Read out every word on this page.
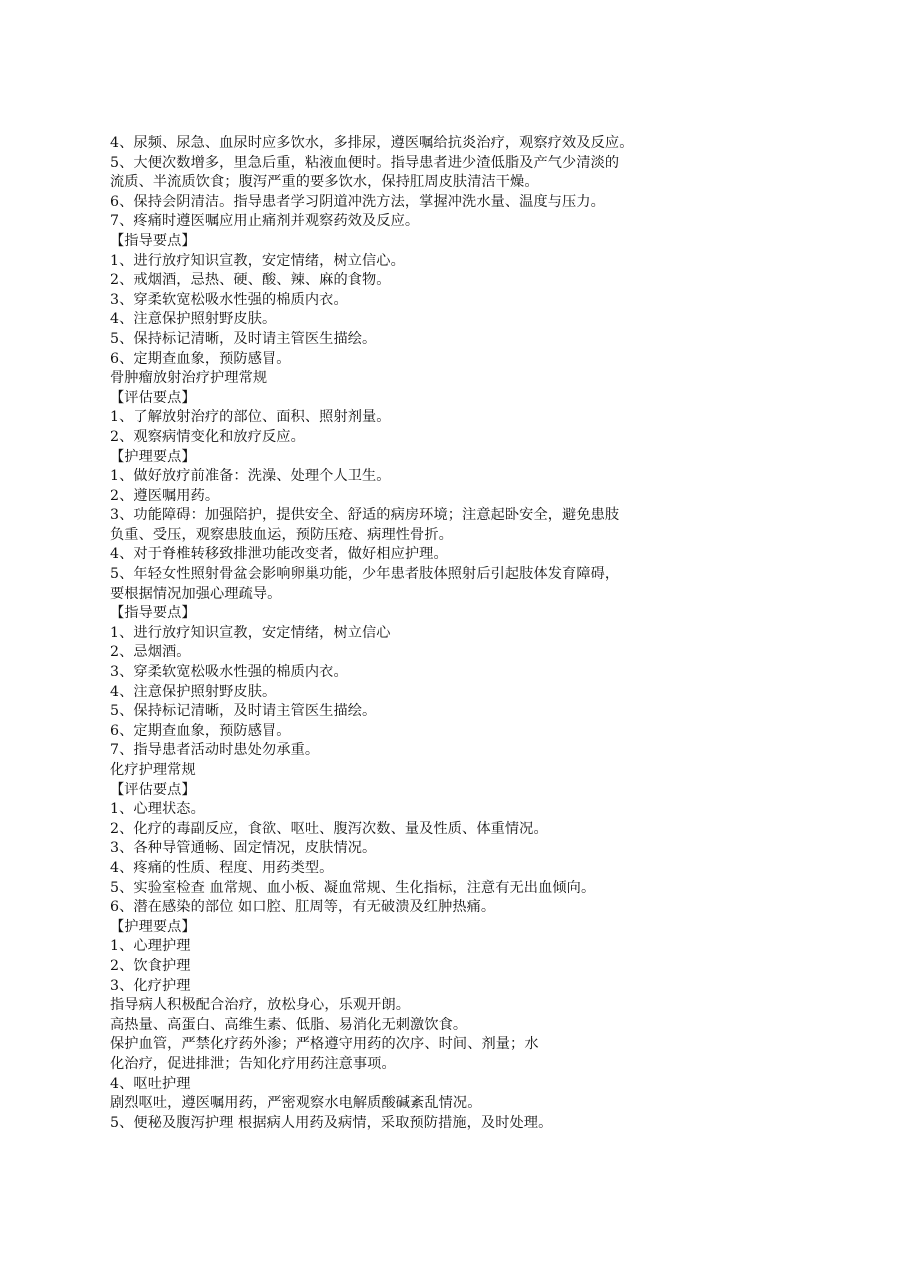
4、尿频、尿急、血尿时应多饮水，多排尿，遵医嘱给抗炎治疗，观察疗效及反应。
5、大便次数增多，里急后重，粘液血便时。指导患者进少渣低脂及产气少清淡的
流质、半流质饮食；腹泻严重的要多饮水，保持肛周皮肤清洁干燥。
6、保持会阴清洁。指导患者学习阴道冲洗方法，掌握冲洗水量、温度与压力。
7、疼痛时遵医嘱应用止痛剂并观察药效及反应。
【指导要点】
1、进行放疗知识宣教，安定情绪，树立信心。
2、戒烟酒，忌热、硬、酸、辣、麻的食物。
3、穿柔软宽松吸水性强的棉质内衣。
4、注意保护照射野皮肤。
5、保持标记清晰，及时请主管医生描绘。
6、定期查血象，预防感冒。
骨肿瘤放射治疗护理常规
【评估要点】
1、了解放射治疗的部位、面积、照射剂量。
2、观察病情变化和放疗反应。
【护理要点】
1、做好放疗前准备：洗澡、处理个人卫生。
2、遵医嘱用药。
3、功能障碍：加强陪护，提供安全、舒适的病房环境；注意起卧安全，避免患肢
负重、受压，观察患肢血运，预防压疮、病理性骨折。
4、对于脊椎转移致排泄功能改变者，做好相应护理。
5、年轻女性照射骨盆会影响卵巢功能，少年患者肢体照射后引起肢体发育障碍，
要根据情况加强心理疏导。
【指导要点】
1、进行放疗知识宣教，安定情绪，树立信心
2、忌烟酒。
3、穿柔软宽松吸水性强的棉质内衣。
4、注意保护照射野皮肤。
5、保持标记清晰，及时请主管医生描绘。
6、定期查血象，预防感冒。
7、指导患者活动时患处勿承重。
化疗护理常规
【评估要点】
1、心理状态。
2、化疗的毒副反应，食欲、呕吐、腹泻次数、量及性质、体重情况。
3、各种导管通畅、固定情况，皮肤情况。
4、疼痛的性质、程度、用药类型。
5、实验室检查 血常规、血小板、凝血常规、生化指标，注意有无出血倾向。
6、潜在感染的部位 如口腔、肛周等，有无破溃及红肿热痛。
【护理要点】
1、心理护理
2、饮食护理
3、化疗护理
指导病人积极配合治疗，放松身心，乐观开朗。
高热量、高蛋白、高维生素、低脂、易消化无刺激饮食。
保护血管，严禁化疗药外渗；严格遵守用药的次序、时间、剂量；水
化治疗，促进排泄；告知化疗用药注意事项。
4、呕吐护理
剧烈呕吐，遵医嘱用药，严密观察水电解质酸碱紊乱情况。
5、便秘及腹泻护理 根据病人用药及病情，采取预防措施，及时处理。
